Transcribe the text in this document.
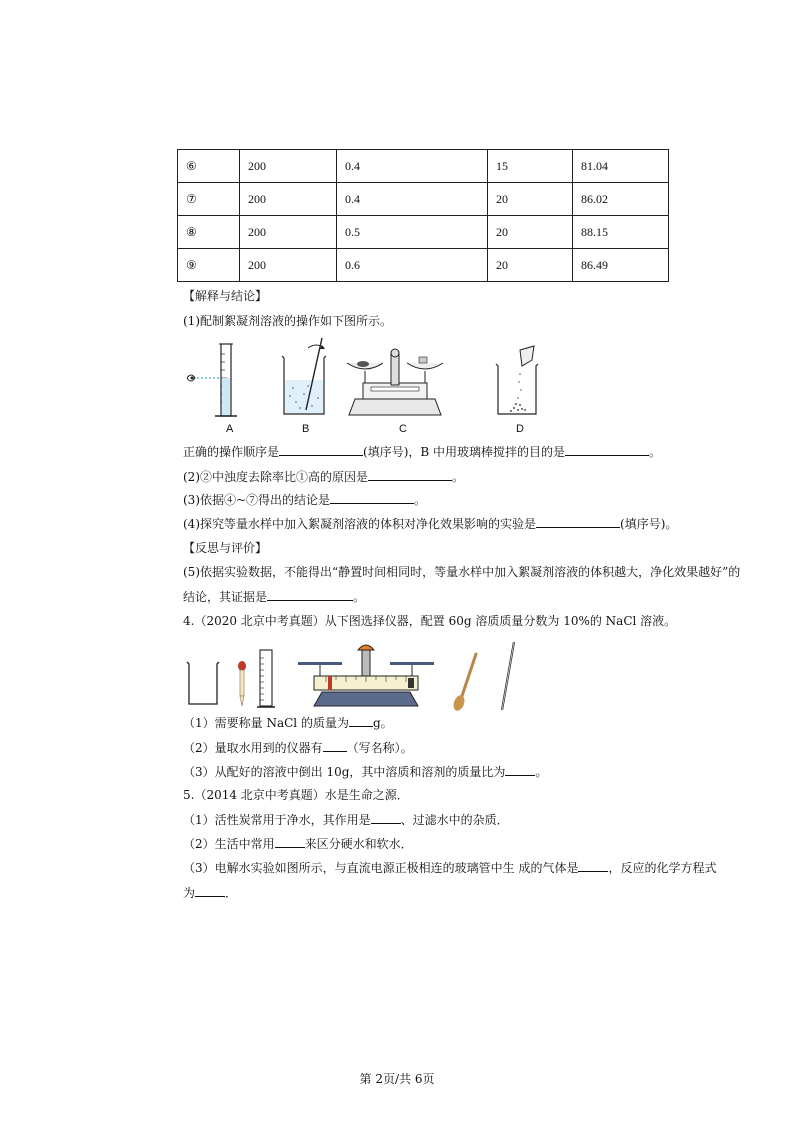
⑥	200	0.4	15	81.04
⑦	200	0.4	20	86.02
⑧	200	0.5	20	88.15
⑨	200	0.6	20	86.49
【解释与结论】
(1)配制絮凝剂溶液的操作如下图所示。
A	B	C	D
正确的操作顺序是	(填序号)，B 中用玻璃棒搅拌的目的是	。
(2)②中浊度去除率比①高的原因是	。
(3)依据④~⑦得出的结论是	。
(4)探究等量水样中加入絮凝剂溶液的体积对净化效果影响的实验是	(填序号)。
【反思与评价】
(5)依据实验数据，不能得出“静置时间相同时，等量水样中加入絮凝剂溶液的体积越大，净化效果越好”的
结论，其证据是	。
4.（2020 北京中考真题）从下图选择仪器，配置 60g 溶质质量分数为 10%的 NaCl 溶液。
（1）需要称量 NaCl 的质量为 g。
（2）量取水用到的仪器有 （写名称）。
（3）从配好的溶液中倒出 10g，其中溶质和溶剂的质量比为	。
5.（2014 北京中考真题）水是生命之源．
（1）活性炭常用于净水，其作用是	、过滤水中的杂质．
（2）生活中常用	来区分硬水和软水．
（3）电解水实验如图所示，与直流电源正极相连的玻璃管中生 成的气体是	，反应的化学方程式
为	．
第 2页/共 6页
